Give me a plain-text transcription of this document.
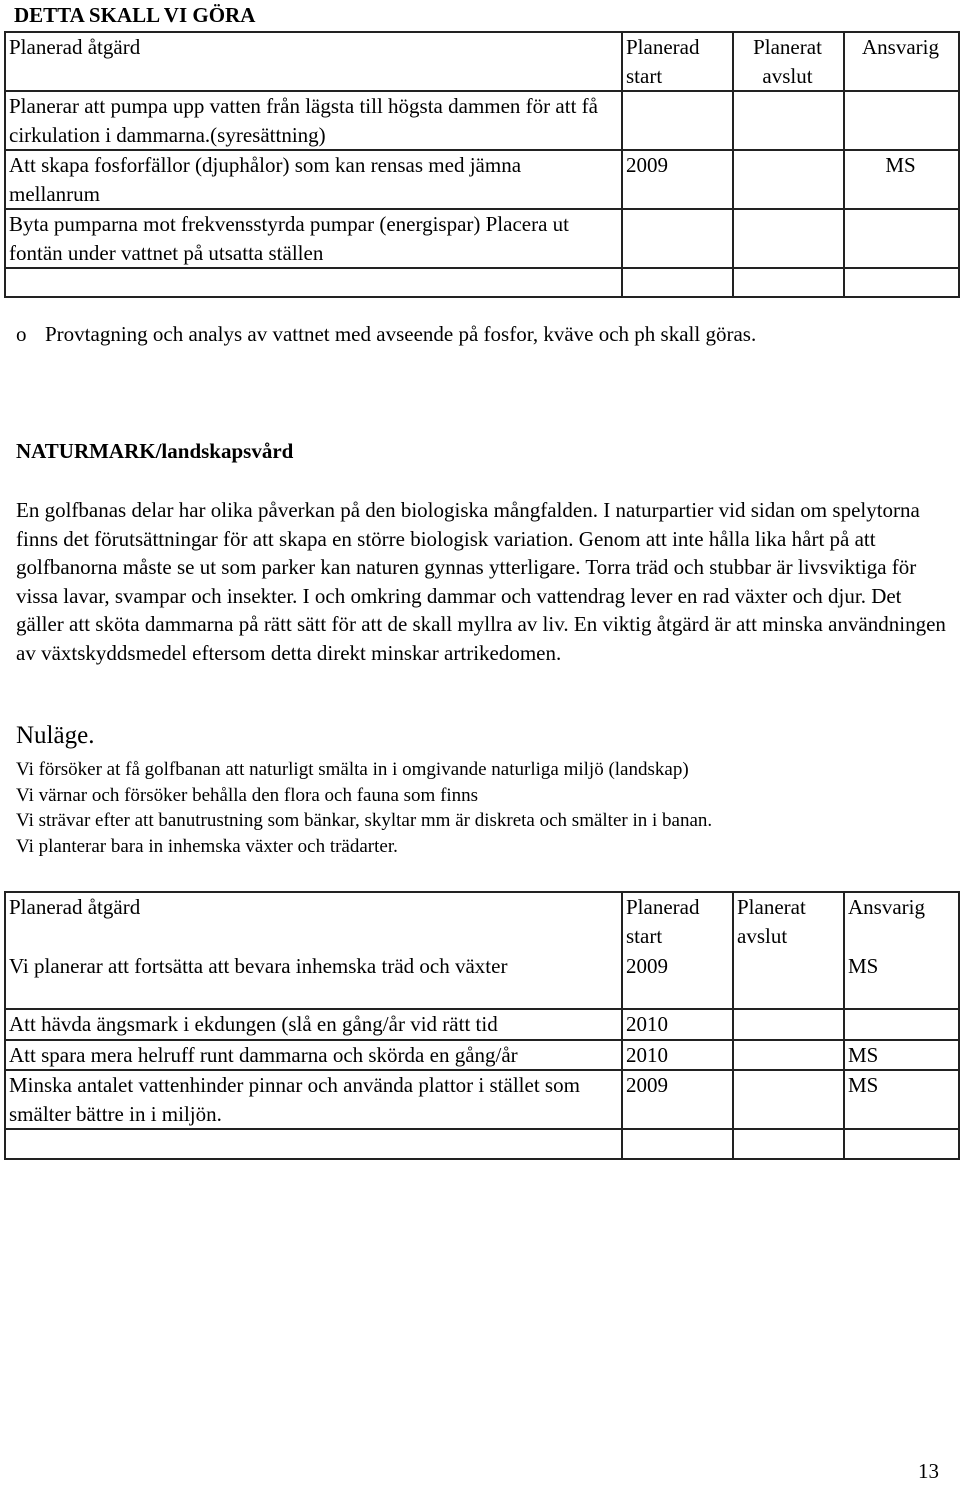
DETTA SKALL VI GÖRA
Planerad åtgärd	Planerad start	Planerat avslut	Ansvarig
Planerar att pumpa upp vatten från lägsta till högsta dammen för att få cirkulation i dammarna.(syresättning)			
Att skapa fosforfällor (djuphålor) som kan rensas med jämna mellanrum	2009		MS
Byta pumparna mot frekvensstyrda pumpar (energispar) Placera ut fontän under vattnet på utsatta ställen			

o Provtagning och analys av vattnet med avseende på fosfor, kväve och ph skall göras.
NATURMARK/landskapsvård
En golfbanas delar har olika påverkan på den biologiska mångfalden. I naturpartier vid sidan om spelytorna finns det förutsättningar för att skapa en större biologisk variation. Genom att inte hålla lika hårt på att golfbanorna måste se ut som parker kan naturen gynnas ytterligare. Torra träd och stubbar är livsviktiga för vissa lavar, svampar och insekter. I och omkring dammar och vattendrag lever en rad växter och djur. Det gäller att sköta dammarna på rätt sätt för att de skall myllra av liv. En viktig åtgärd är att minska användningen av växtskyddsmedel eftersom detta direkt minskar artrikedomen.
Nuläge.
Vi försöker at få golfbanan att naturligt smälta in i omgivande naturliga miljö (landskap)
Vi värnar och försöker behålla den flora och fauna som finns
Vi strävar efter att banutrustning som bänkar, skyltar mm är diskreta och smälter in i banan.
Vi planterar bara in inhemska växter och trädarter.
Planerad åtgärd	Planerad start	Planerat avslut	Ansvarig
Vi planerar att fortsätta att bevara inhemska träd och växter	2009		MS
Att hävda ängsmark i ekdungen (slå en gång/år vid rätt tid	2010		
Att spara mera helruff runt dammarna och skörda en gång/år	2010		MS
Minska antalet vattenhinder pinnar och använda plattor i stället som smälter bättre in i miljön.	2009		MS

13
